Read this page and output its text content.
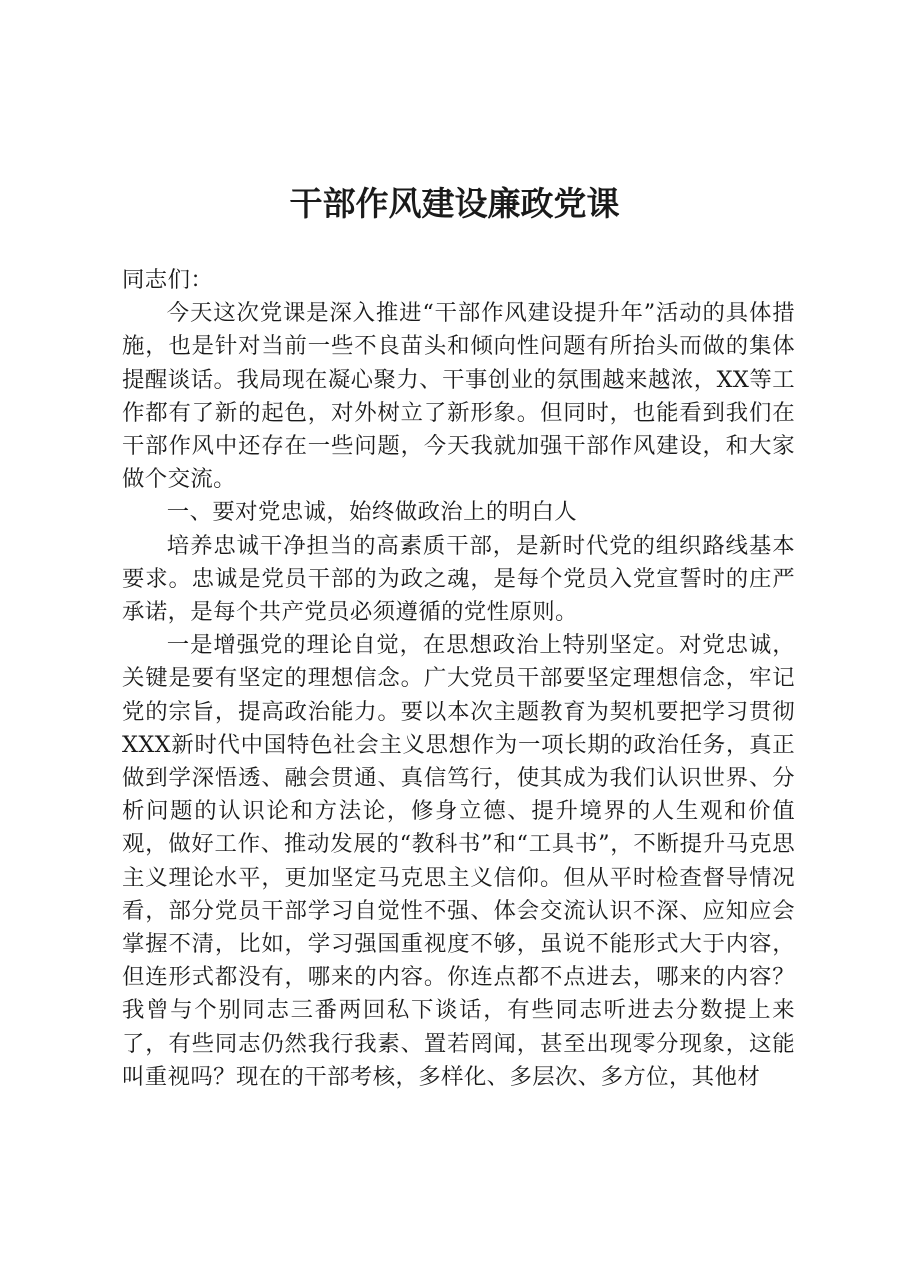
干部作风建设廉政党课

同志们：

今天这次党课是深入推进“干部作风建设提升年”活动的具体措施，也是针对当前一些不良苗头和倾向性问题有所抬头而做的集体提醒谈话。我局现在凝心聚力、干事创业的氛围越来越浓，XX等工作都有了新的起色，对外树立了新形象。但同时，也能看到我们在干部作风中还存在一些问题，今天我就加强干部作风建设，和大家做个交流。

一、要对党忠诚，始终做政治上的明白人

培养忠诚干净担当的高素质干部，是新时代党的组织路线基本要求。忠诚是党员干部的为政之魂，是每个党员入党宣誓时的庄严承诺，是每个共产党员必须遵循的党性原则。

一是增强党的理论自觉，在思想政治上特别坚定。对党忠诚，关键是要有坚定的理想信念。广大党员干部要坚定理想信念，牢记党的宗旨，提高政治能力。要以本次主题教育为契机要把学习贯彻XXX新时代中国特色社会主义思想作为一项长期的政治任务，真正做到学深悟透、融会贯通、真信笃行，使其成为我们认识世界、分析问题的认识论和方法论，修身立德、提升境界的人生观和价值观，做好工作、推动发展的“教科书”和“工具书”，不断提升马克思主义理论水平，更加坚定马克思主义信仰。但从平时检查督导情况看，部分党员干部学习自觉性不强、体会交流认识不深、应知应会掌握不清，比如，学习强国重视度不够，虽说不能形式大于内容，但连形式都没有，哪来的内容。你连点都不点进去，哪来的内容？我曾与个别同志三番两回私下谈话，有些同志听进去分数提上来了，有些同志仍然我行我素、置若罔闻，甚至出现零分现象，这能叫重视吗？现在的干部考核，多样化、多层次、多方位，其他材
